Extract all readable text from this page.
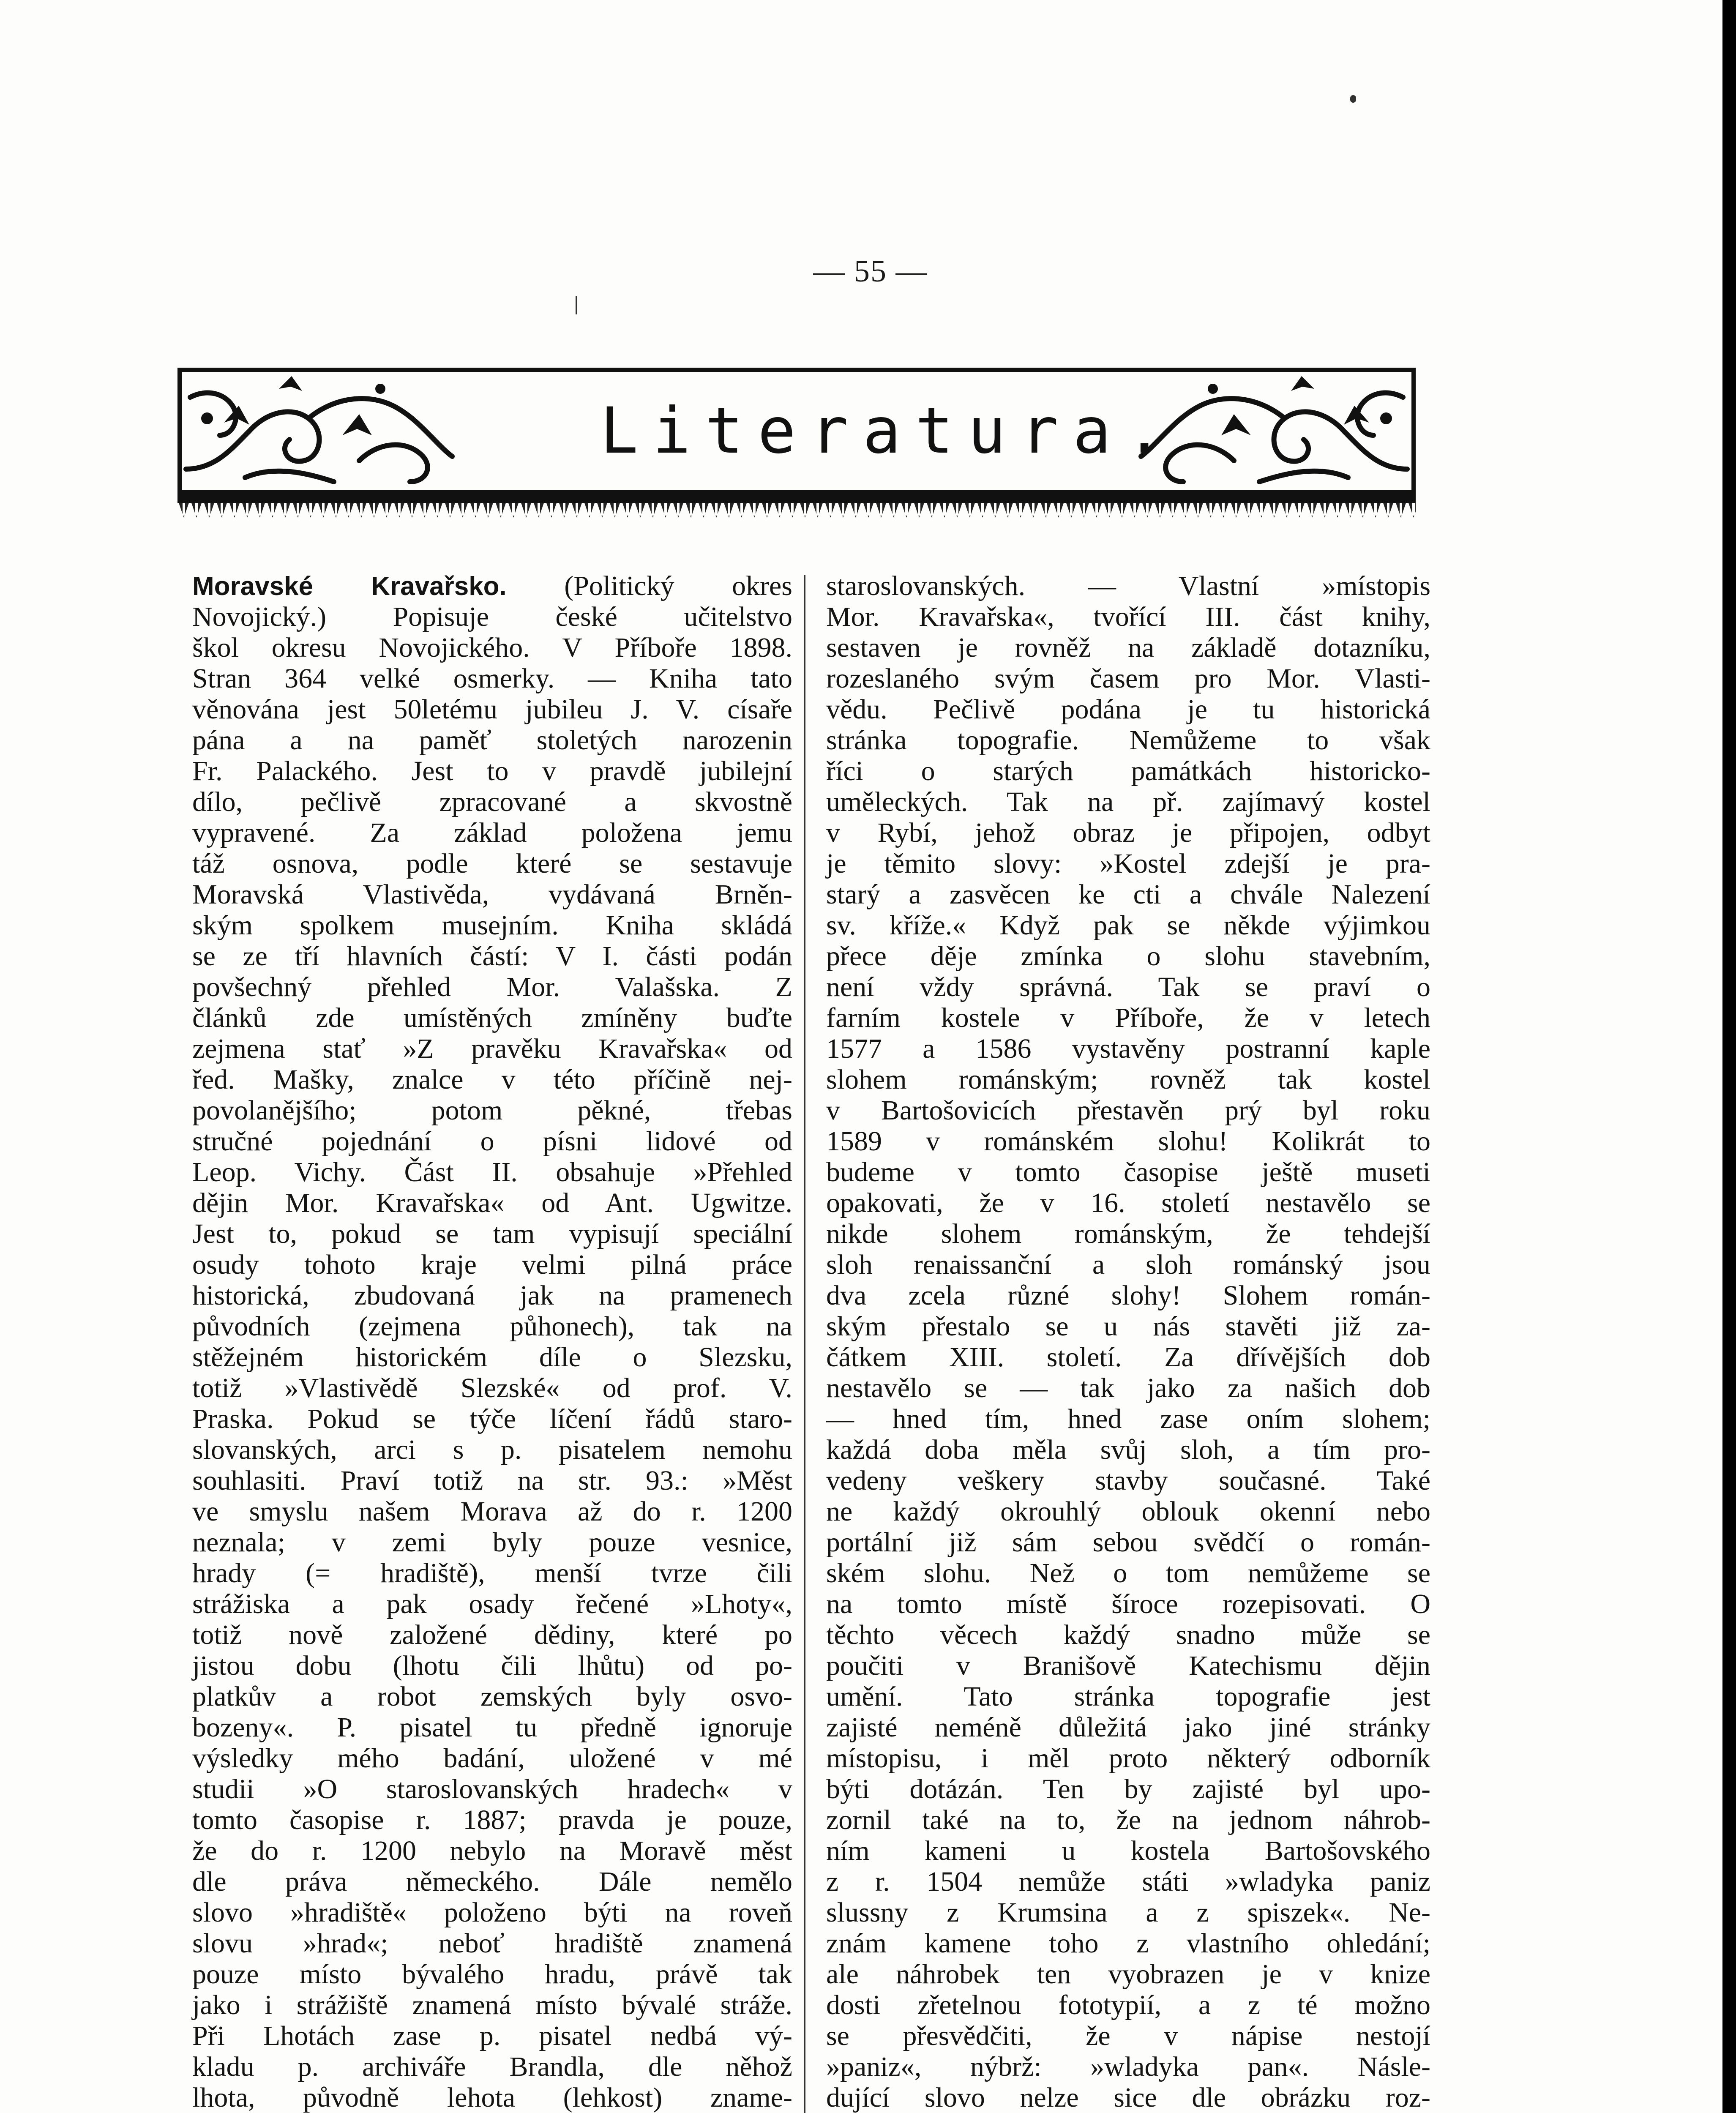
— 55 —
Literatura.
Moravské Kravařsko. (Politický okres
Novojický.) Popisuje české učitelstvo
škol okresu Novojického. V Příboře 1898.
Stran 364 velké osmerky. — Kniha tato
věnována jest 50letému jubileu J. V. císaře
pána a na paměť stoletých narozenin
Fr. Palackého. Jest to v pravdě jubilejní
dílo, pečlivě zpracované a skvostně
vypravené. Za základ položena jemu
táž osnova, podle které se sestavuje
Moravská Vlastivěda, vydávaná Brněn-
ským spolkem musejním. Kniha skládá
se ze tří hlavních částí: V I. části podán
povšechný přehled Mor. Valašska. Z
článků zde umístěných zmíněny buďte
zejmena stať »Z pravěku Kravařska« od
řed. Mašky, znalce v této příčině nej-
povolanějšího; potom pěkné, třebas
stručné pojednání o písni lidové od
Leop. Vichy. Část II. obsahuje »Přehled
dějin Mor. Kravařska« od Ant. Ugwitze.
Jest to, pokud se tam vypisují speciální
osudy tohoto kraje velmi pilná práce
historická, zbudovaná jak na pramenech
původních (zejmena půhonech), tak na
stěžejném historickém díle o Slezsku,
totiž »Vlastivědě Slezské« od prof. V.
Praska. Pokud se týče líčení řádů staro-
slovanských, arci s p. pisatelem nemohu
souhlasiti. Praví totiž na str. 93.: »Měst
ve smyslu našem Morava až do r. 1200
neznala; v zemi byly pouze vesnice,
hrady (= hradiště), menší tvrze čili
strážiska a pak osady řečené »Lhoty«,
totiž nově založené dědiny, které po
jistou dobu (lhotu čili lhůtu) od po-
platkův a robot zemských byly osvo-
bozeny«. P. pisatel tu předně ignoruje
výsledky mého badání, uložené v mé
studii »O staroslovanských hradech« v
tomto časopise r. 1887; pravda je pouze,
že do r. 1200 nebylo na Moravě měst
dle práva německého. Dále nemělo
slovo »hradiště« položeno býti na roveň
slovu »hrad«; neboť hradiště znamená
pouze místo bývalého hradu, právě tak
jako i strážiště znamená místo bývalé stráže.
Při Lhotách zase p. pisatel nedbá vý-
kladu p. archiváře Brandla, dle něhož
lhota, původně lehota (lehkost) zname-
staroslovanských. — Vlastní »místopis
Mor. Kravařska«, tvořící III. část knihy,
sestaven je rovněž na základě dotazníku,
rozeslaného svým časem pro Mor. Vlasti-
vědu. Pečlivě podána je tu historická
stránka topografie. Nemůžeme to však
říci o starých památkách historicko-
uměleckých. Tak na př. zajímavý kostel
v Rybí, jehož obraz je připojen, odbyt
je těmito slovy: »Kostel zdejší je pra-
starý a zasvěcen ke cti a chvále Nalezení
sv. kříže.« Když pak se někde výjimkou
přece děje zmínka o slohu stavebním,
není vždy správná. Tak se praví o
farním kostele v Příboře, že v letech
1577 a 1586 vystavěny postranní kaple
slohem románským; rovněž tak kostel
v Bartošovicích přestavěn prý byl roku
1589 v románském slohu! Kolikrát to
budeme v tomto časopise ještě museti
opakovati, že v 16. století nestavělo se
nikde slohem románským, že tehdejší
sloh renaissanční a sloh románský jsou
dva zcela různé slohy! Slohem román-
ským přestalo se u nás stavěti již za-
čátkem XIII. století. Za dřívějších dob
nestavělo se — tak jako za našich dob
— hned tím, hned zase oním slohem;
každá doba měla svůj sloh, a tím pro-
vedeny veškery stavby současné. Také
ne každý okrouhlý oblouk okenní nebo
portální již sám sebou svědčí o román-
ském slohu. Než o tom nemůžeme se
na tomto místě šíroce rozepisovati. O
těchto věcech každý snadno může se
poučiti v Branišově Katechismu dějin
umění. Tato stránka topografie jest
zajisté neméně důležitá jako jiné stránky
místopisu, i měl proto některý odborník
býti dotázán. Ten by zajisté byl upo-
zornil také na to, že na jednom náhrob-
ním kameni u kostela Bartošovského
z r. 1504 nemůže státi »wladyka paniz
slussny z Krumsina a z spiszek«. Ne-
znám kamene toho z vlastního ohledání;
ale náhrobek ten vyobrazen je v knize
dosti zřetelnou fototypií, a z té možno
se přesvědčiti, že v nápise nestojí
»paniz«, nýbrž: »wladyka pan«. Násle-
dující slovo nelze sice dle obrázku roz-
